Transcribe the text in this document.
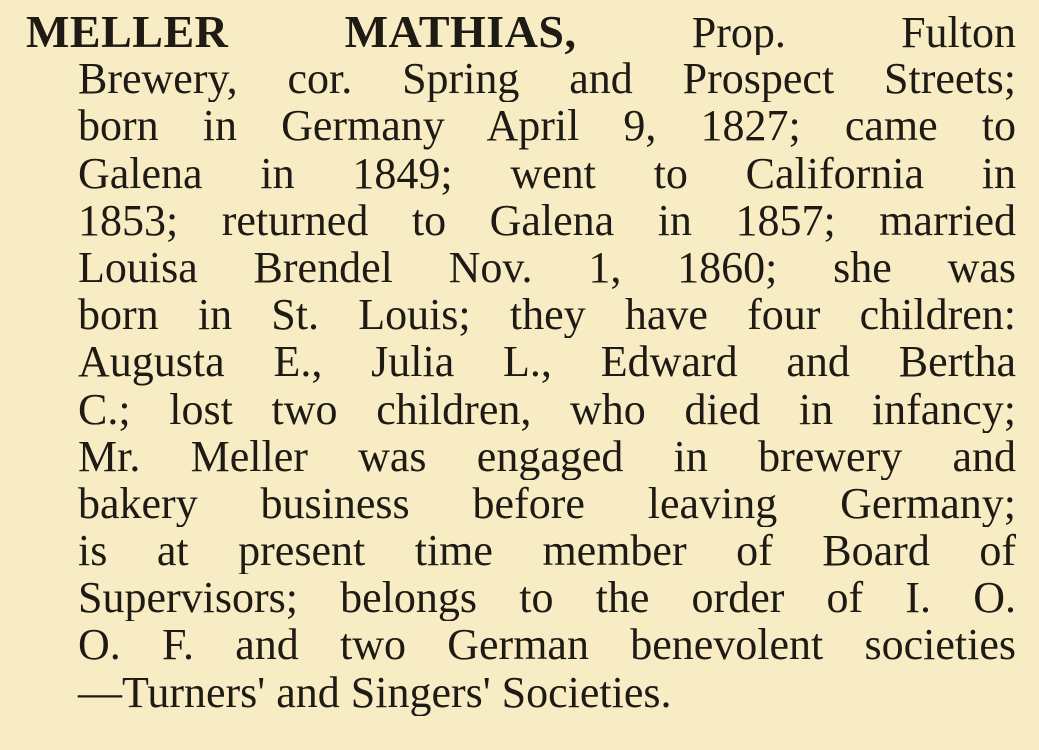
MELLER MATHIAS,	Prop. Fulton
Brewery, cor. Spring and Prospect Streets;
born in Germany April 9, 1827; came to
Galena in 1849; went to California in
1853; returned to Galena in 1857; married
Louisa Brendel Nov. 1, 1860; she was
born in St. Louis; they have four children:
Augusta E., Julia L., Edward and Bertha
C.; lost two children, who died in infancy;
Mr. Meller was engaged in brewery and
bakery business before leaving Germany;
is at present time member of Board of
Supervisors; belongs to the order of I. O.
O. F. and two German benevolent societies
—Turners' and Singers' Societies.
